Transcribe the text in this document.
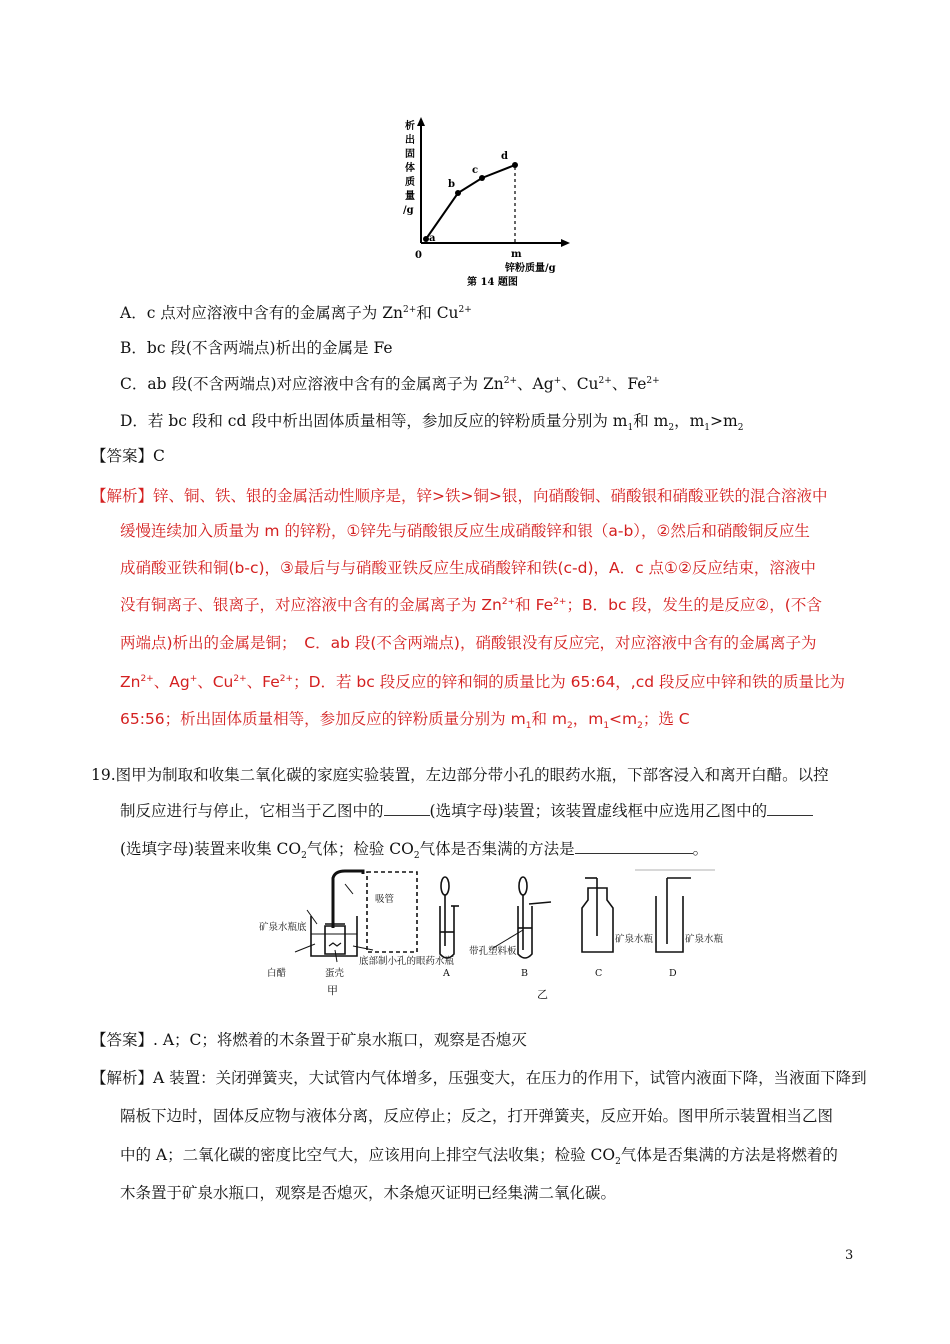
析
出
固
体
质
量
/g
a
b
c
d
0	m
锌粉质量/g
第 14 题图
A．c 点对应溶液中含有的金属离子为 $Zn^{2+}$和 $Cu^{2+}$
B．bc 段(不含两端点)析出的金属是 Fe
C．ab 段(不含两端点)对应溶液中含有的金属离子为 $Zn^{2+}$、Ag+、$Cu^{2+}$、$Fe^{2+}$
D．若 bc 段和 cd 段中析出固体质量相等，参加反应的锌粉质量分别为 $m_1$和 $m_2$，$m_1>m_2$
【答案】C
【解析】锌、铜、铁、银的金属活动性顺序是，锌>铁>铜>银，向硝酸铜、硝酸银和硝酸亚铁的混合溶液中
缓慢连续加入质量为 m 的锌粉，①锌先与硝酸银反应生成硝酸锌和银（a-b），②然后和硝酸铜反应生
成硝酸亚铁和铜(b-c)，③最后与与硝酸亚铁反应生成硝酸锌和铁(c-d)，A．c 点①②反应结束，溶液中
没有铜离子、银离子，对应溶液中含有的金属离子为 $Zn^{2+}$和 $Fe^{2+}$；B．bc 段，发生的是反应②，(不含
两端点)析出的金属是铜；　C．ab 段(不含两端点)，硝酸银没有反应完，对应溶液中含有的金属离子为
$Zn^{2+}$、Ag+、$Cu^{2+}$、$Fe^{2+}$；D．若 bc 段反应的锌和铜的质量比为 65:64，,cd 段反应中锌和铁的质量比为
65:56；析出固体质量相等，参加反应的锌粉质量分别为 $m_1$和 $m_2$，$m_1<m_2$；选 C
19.图甲为制取和收集二氧化碳的家庭实验装置，左边部分带小孔的眼药水瓶，下部客浸入和离开白醋。以控
制反应进行与停止，它相当于乙图中的	(选填字母)装置；该装置虚线框中应选用乙图中的
(选填字母)装置来收集 $CO_2$气体；检验 $CO_2$气体是否集满的方法是	。
吸管
矿泉水瓶底
白醋	蛋壳
底部制小孔的眼药水瓶
甲
带孔塑料板
A	B	C	D
矿泉水瓶	矿泉水瓶
乙
【答案】. A；C；将燃着的木条置于矿泉水瓶口，观察是否熄灭
【解析】A 装置：关闭弹簧夹，大试管内气体增多，压强变大，在压力的作用下，试管内液面下降，当液面下降到
隔板下边时，固体反应物与液体分离，反应停止；反之，打开弹簧夹，反应开始。图甲所示装置相当乙图
中的 A；二氧化碳的密度比空气大，应该用向上排空气法收集；检验 $CO_2$气体是否集满的方法是将燃着的
木条置于矿泉水瓶口，观察是否熄灭，木条熄灭证明已经集满二氧化碳。
3
